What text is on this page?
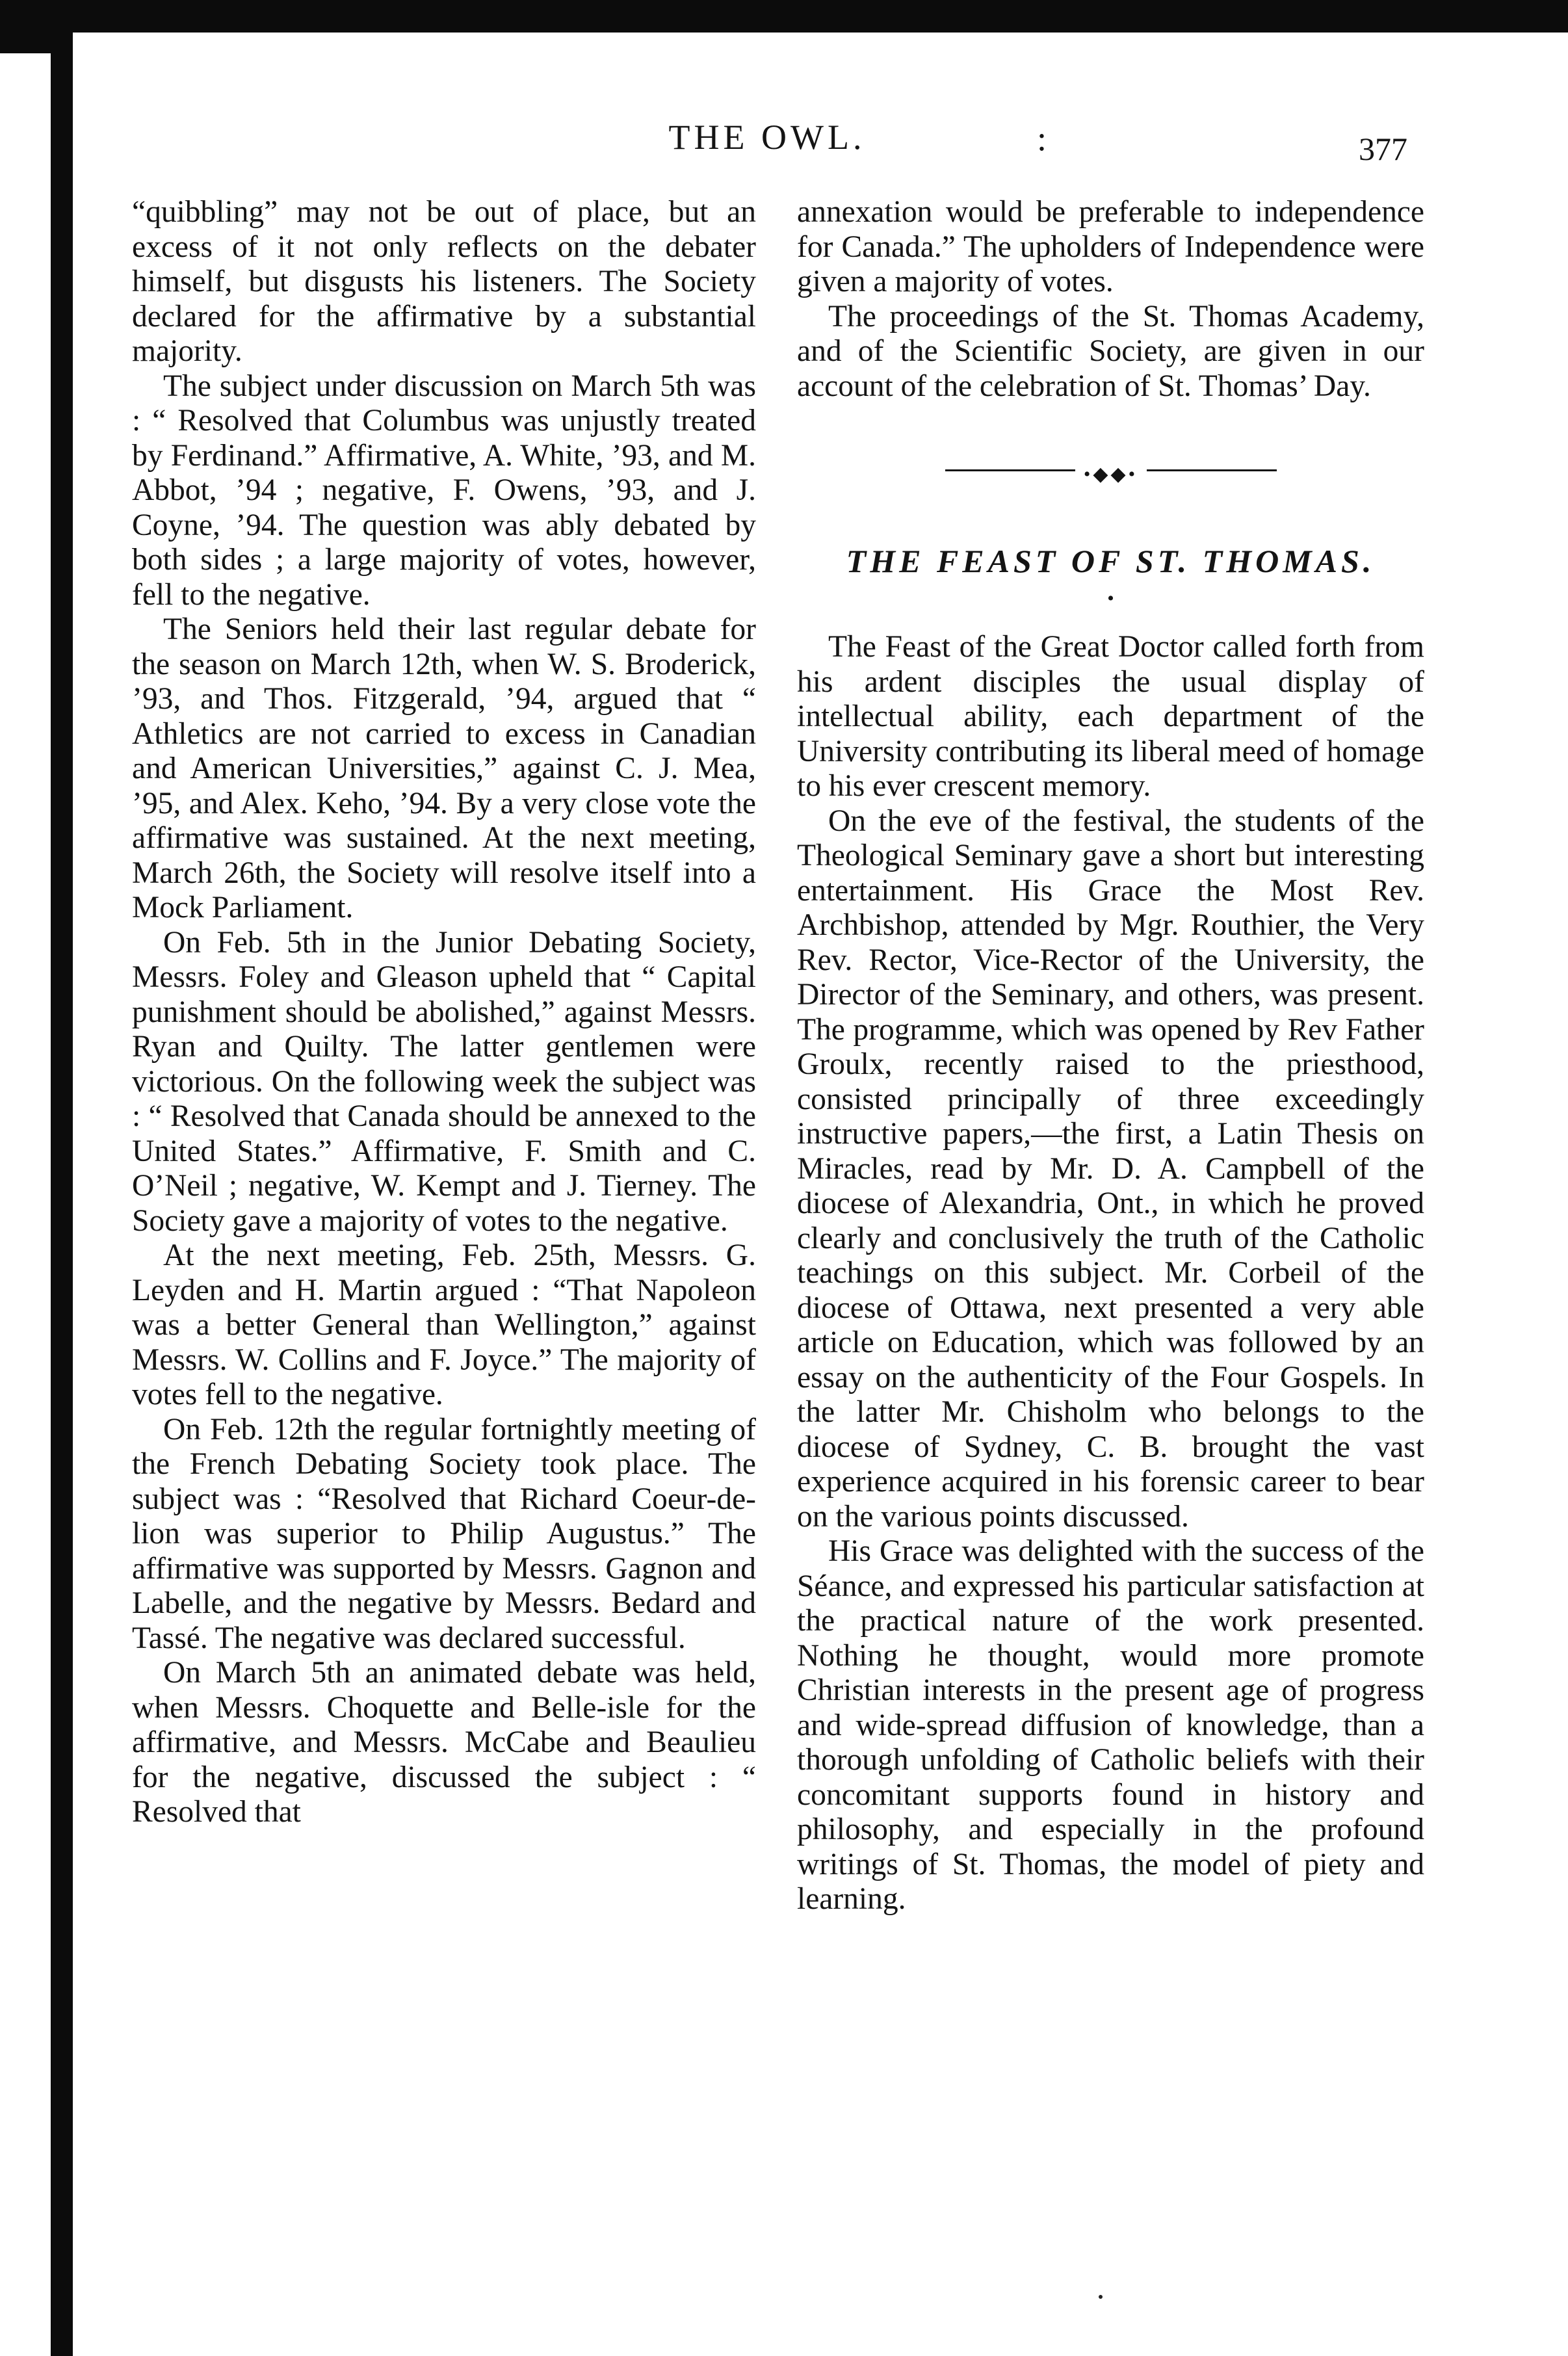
THE OWL.	:	377

“quibbling” may not be out of place, but an excess of it not only reflects on the debater himself, but disgusts his listeners. The Society declared for the affirmative by a substantial majority.

The subject under discussion on March 5th was : “ Resolved that Columbus was unjustly treated by Ferdinand.” Affirmative, A. White, ’93, and M. Abbot, ’94 ; negative, F. Owens, ’93, and J. Coyne, ’94. The question was ably debated by both sides ; a large majority of votes, however, fell to the negative.

The Seniors held their last regular debate for the season on March 12th, when W. S. Broderick, ’93, and Thos. Fitzgerald, ’94, argued that “ Athletics are not carried to excess in Canadian and American Universities,” against C. J. Mea, ’95, and Alex. Keho, ’94. By a very close vote the affirmative was sustained. At the next meeting, March 26th, the Society will resolve itself into a Mock Parliament.

On Feb. 5th in the Junior Debating Society, Messrs. Foley and Gleason upheld that “ Capital punishment should be abolished,” against Messrs. Ryan and Quilty. The latter gentlemen were victorious. On the following week the subject was : “ Resolved that Canada should be annexed to the United States.” Affirmative, F. Smith and C. O’Neil ; negative, W. Kempt and J. Tierney. The Society gave a majority of votes to the negative.

At the next meeting, Feb. 25th, Messrs. G. Leyden and H. Martin argued : “That Napoleon was a better General than Wellington,” against Messrs. W. Collins and F. Joyce.” The majority of votes fell to the negative.

On Feb. 12th the regular fortnightly meeting of the French Debating Society took place. The subject was : “Resolved that Richard Coeur-de-lion was superior to Philip Augustus.” The affirmative was supported by Messrs. Gagnon and Labelle, and the negative by Messrs. Bedard and Tassé. The negative was declared successful.

On March 5th an animated debate was held, when Messrs. Choquette and Belle-isle for the affirmative, and Messrs. McCabe and Beaulieu for the negative, discussed the subject : “ Resolved that

annexation would be preferable to independence for Canada.” The upholders of Independence were given a majority of votes.

The proceedings of the St. Thomas Academy, and of the Scientific Society, are given in our account of the celebration of St. Thomas’ Day.

•◆◆•
THE FEAST OF ST. THOMAS.
•

The Feast of the Great Doctor called forth from his ardent disciples the usual display of intellectual ability, each department of the University contributing its liberal meed of homage to his ever crescent memory.

On the eve of the festival, the students of the Theological Seminary gave a short but interesting entertainment. His Grace the Most Rev. Archbishop, attended by Mgr. Routhier, the Very Rev. Rector, Vice-Rector of the University, the Director of the Seminary, and others, was present. The programme, which was opened by Rev Father Groulx, recently raised to the priesthood, consisted principally of three exceedingly instructive papers,—the first, a Latin Thesis on Miracles, read by Mr. D. A. Campbell of the diocese of Alexandria, Ont., in which he proved clearly and conclusively the truth of the Catholic teachings on this subject. Mr. Corbeil of the diocese of Ottawa, next presented a very able article on Education, which was followed by an essay on the authenticity of the Four Gospels. In the latter Mr. Chisholm who belongs to the diocese of Sydney, C. B. brought the vast experience acquired in his forensic career to bear on the various points discussed.

His Grace was delighted with the success of the Séance, and expressed his particular satisfaction at the practical nature of the work presented. Nothing he thought, would more promote Christian interests in the present age of progress and wide-spread diffusion of knowledge, than a thorough unfolding of Catholic beliefs with their concomitant supports found in history and philosophy, and especially in the profound writings of St. Thomas, the model of piety and learning.
